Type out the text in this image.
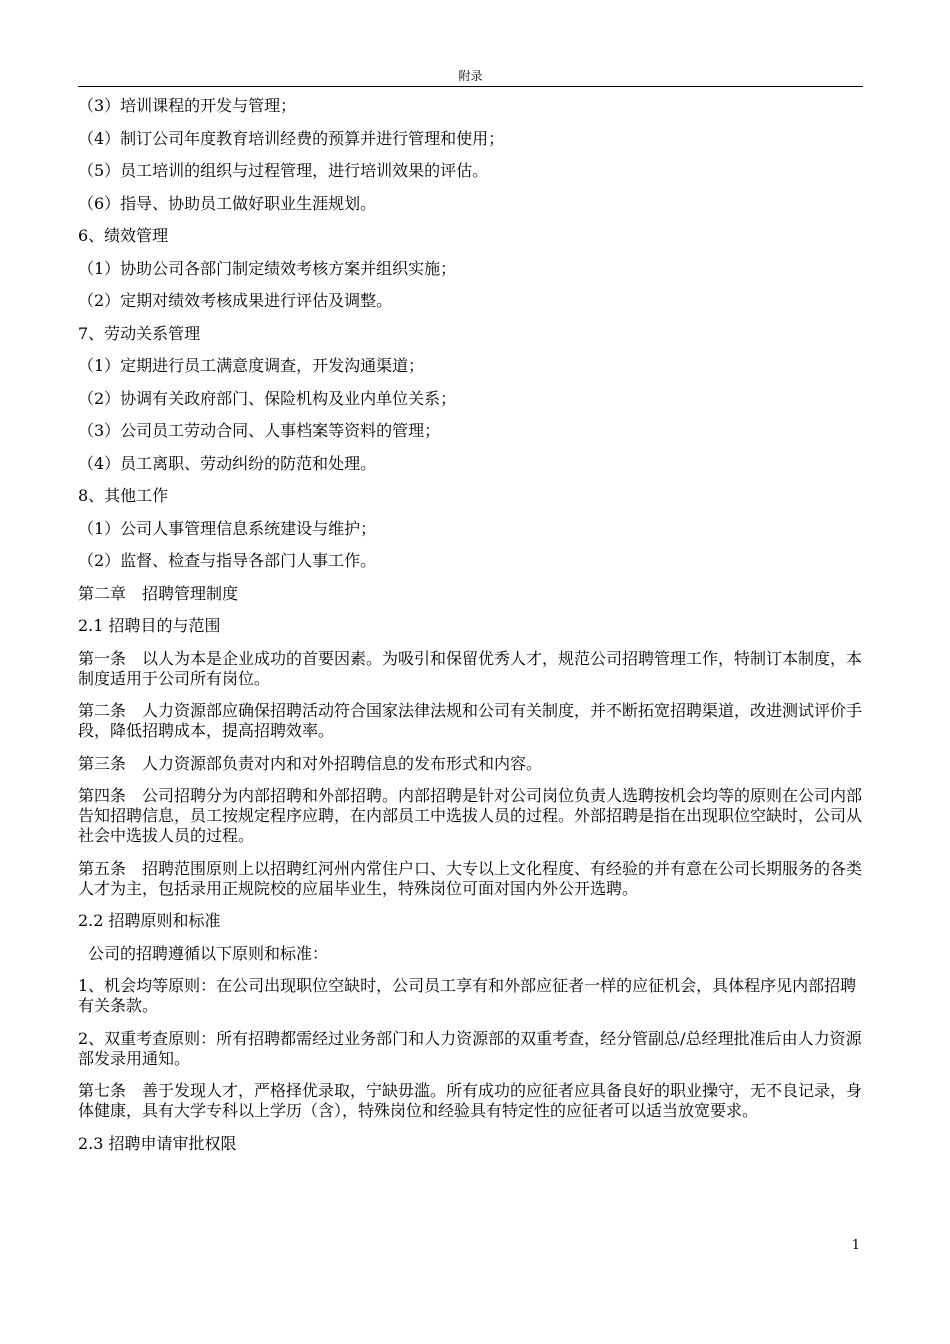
附录

（3）培训课程的开发与管理；

（4）制订公司年度教育培训经费的预算并进行管理和使用；

（5）员工培训的组织与过程管理，进行培训效果的评估。

（6）指导、协助员工做好职业生涯规划。

6、绩效管理

（1）协助公司各部门制定绩效考核方案并组织实施；

（2）定期对绩效考核成果进行评估及调整。

7、劳动关系管理

（1）定期进行员工满意度调查，开发沟通渠道；

（2）协调有关政府部门、保险机构及业内单位关系；

（3）公司员工劳动合同、人事档案等资料的管理；

（4）员工离职、劳动纠纷的防范和处理。

8、其他工作

（1）公司人事管理信息系统建设与维护；

（2）监督、检查与指导各部门人事工作。

第二章　招聘管理制度

2.1 招聘目的与范围

第一条　以人为本是企业成功的首要因素。为吸引和保留优秀人才，规范公司招聘管理工作，特制订本制度，本制度适用于公司所有岗位。

第二条　人力资源部应确保招聘活动符合国家法律法规和公司有关制度，并不断拓宽招聘渠道，改进测试评价手段，降低招聘成本，提高招聘效率。

第三条　人力资源部负责对内和对外招聘信息的发布形式和内容。

第四条　公司招聘分为内部招聘和外部招聘。内部招聘是针对公司岗位负责人选聘按机会均等的原则在公司内部告知招聘信息，员工按规定程序应聘，在内部员工中选拔人员的过程。外部招聘是指在出现职位空缺时，公司从社会中选拔人员的过程。

第五条　招聘范围原则上以招聘红河州内常住户口、大专以上文化程度、有经验的并有意在公司长期服务的各类人才为主，包括录用正规院校的应届毕业生，特殊岗位可面对国内外公开选聘。

2.2 招聘原则和标准

公司的招聘遵循以下原则和标准：

1、机会均等原则：在公司出现职位空缺时，公司员工享有和外部应征者一样的应征机会，具体程序见内部招聘有关条款。

2、双重考查原则：所有招聘都需经过业务部门和人力资源部的双重考查，经分管副总/总经理批准后由人力资源部发录用通知。

第七条　善于发现人才，严格择优录取，宁缺毋滥。所有成功的应征者应具备良好的职业操守，无不良记录，身体健康，具有大学专科以上学历（含），特殊岗位和经验具有特定性的应征者可以适当放宽要求。

2.3 招聘申请审批权限

1
